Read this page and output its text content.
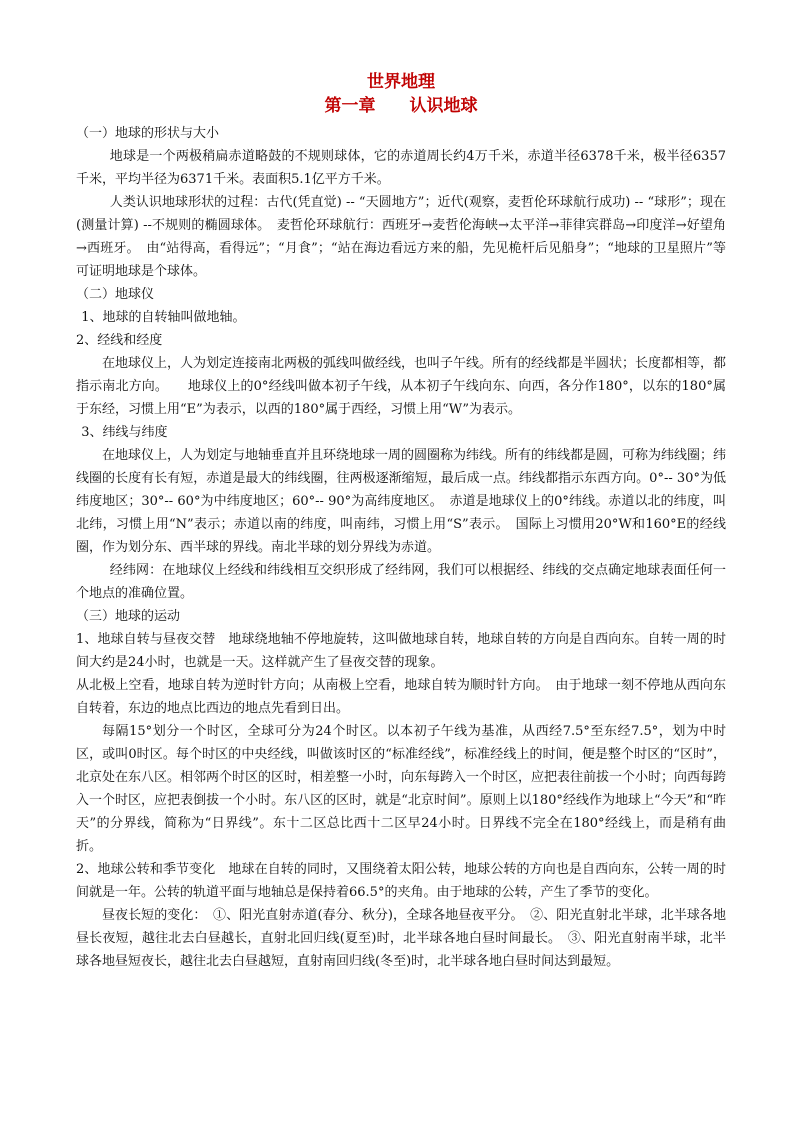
世界地理
第一章　　认识地球

（一）地球的形状与大小

地球是一个两极稍扁赤道略鼓的不规则球体，它的赤道周长约4万千米，赤道半径6378千米，极半径6357千米，平均半径为6371千米。表面积5.1亿平方千米。

人类认识地球形状的过程：古代(凭直觉) -- “天圆地方”；近代(观察，麦哲伦环球航行成功) -- “球形”；现在(测量计算) --不规则的椭圆球体。　麦哲伦环球航行：西班牙→麦哲伦海峡→太平洋→菲律宾群岛→印度洋→好望角→西班牙。　由“站得高，看得远”；“月食”；“站在海边看远方来的船，先见桅杆后见船身”；“地球的卫星照片”等可证明地球是个球体。

（二）地球仪

1、地球的自转轴叫做地轴。

2、经线和经度

在地球仪上，人为划定连接南北两极的弧线叫做经线，也叫子午线。所有的经线都是半圆状；长度都相等，都指示南北方向。　　地球仪上的0°经线叫做本初子午线，从本初子午线向东、向西，各分作180°，以东的180°属于东经，习惯上用“E”为表示，以西的180°属于西经，习惯上用“W”为表示。

3、纬线与纬度

在地球仪上，人为划定与地轴垂直并且环绕地球一周的圆圈称为纬线。所有的纬线都是圆，可称为纬线圈；纬线圈的长度有长有短，赤道是最大的纬线圈，往两极逐渐缩短，最后成一点。纬线都指示东西方向。0°-- 30°为低纬度地区；30°-- 60°为中纬度地区；60°-- 90°为高纬度地区。　赤道是地球仪上的0°纬线。赤道以北的纬度，叫北纬，习惯上用“N”表示；赤道以南的纬度，叫南纬，习惯上用“S”表示。　国际上习惯用20°W和160°E的经线圈，作为划分东、西半球的界线。南北半球的划分界线为赤道。

经纬网：在地球仪上经线和纬线相互交织形成了经纬网，我们可以根据经、纬线的交点确定地球表面任何一个地点的准确位置。

（三）地球的运动

1、地球自转与昼夜交替　地球绕地轴不停地旋转，这叫做地球自转，地球自转的方向是自西向东。自转一周的时间大约是24小时，也就是一天。这样就产生了昼夜交替的现象。

从北极上空看，地球自转为逆时针方向；从南极上空看，地球自转为顺时针方向。　由于地球一刻不停地从西向东自转着，东边的地点比西边的地点先看到日出。

每隔15°划分一个时区，全球可分为24个时区。以本初子午线为基准，从西经7.5°至东经7.5°，划为中时区，或叫0时区。每个时区的中央经线，叫做该时区的“标准经线”，标准经线上的时间，便是整个时区的“区时”，北京处在东八区。相邻两个时区的区时，相差整一小时，向东每跨入一个时区，应把表往前拔一个小时；向西每跨入一个时区，应把表倒拔一个小时。东八区的区时，就是“北京时间”。原则上以180°经线作为地球上“今天”和“昨天”的分界线，简称为“日界线”。东十二区总比西十二区早24小时。日界线不完全在180°经线上，而是稍有曲折。

2、地球公转和季节变化　地球在自转的同时，又围绕着太阳公转，地球公转的方向也是自西向东，公转一周的时间就是一年。公转的轨道平面与地轴总是保持着66.5°的夹角。由于地球的公转，产生了季节的变化。

昼夜长短的变化：　①、阳光直射赤道(春分、秋分)，全球各地昼夜平分。　②、阳光直射北半球，北半球各地昼长夜短，越往北去白昼越长，直射北回归线(夏至)时，北半球各地白昼时间最长。　③、阳光直射南半球，北半球各地昼短夜长，越往北去白昼越短，直射南回归线(冬至)时，北半球各地白昼时间达到最短。
